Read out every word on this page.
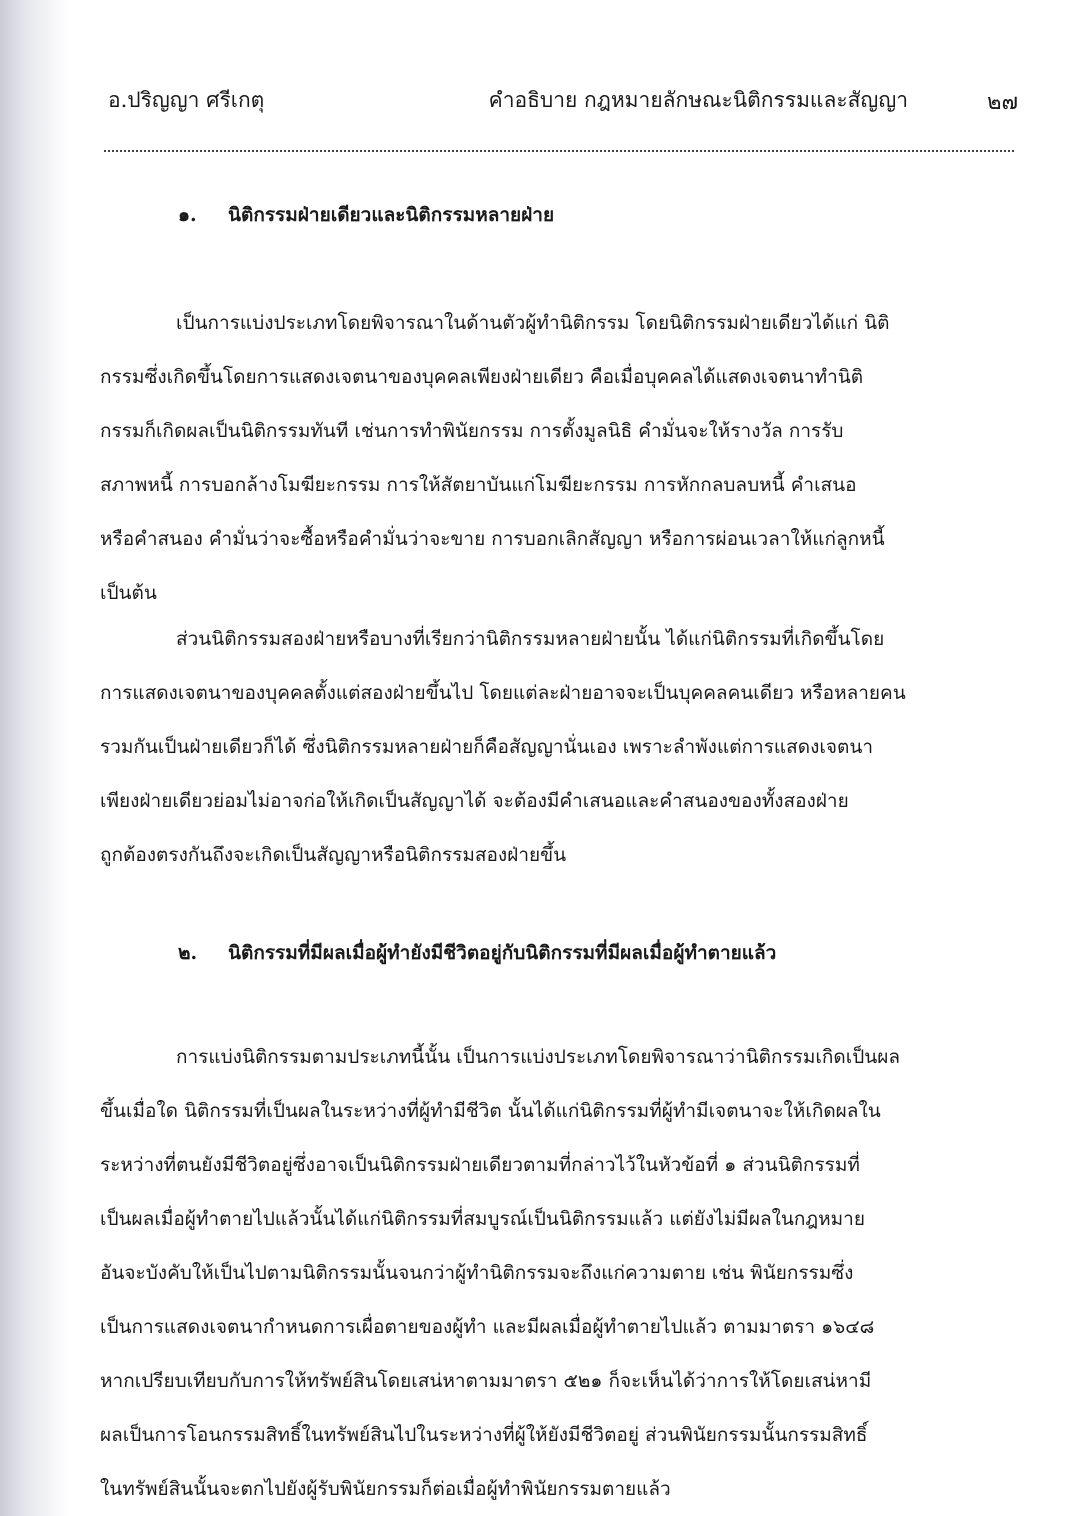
อ.ปริญญา ศรีเกตุ	คำอธิบาย กฎหมายลักษณะนิติกรรมและสัญญา	๒๗
๑. นิติกรรมฝ่ายเดียวและนิติกรรมหลายฝ่าย
เป็นการแบ่งประเภทโดยพิจารณาในด้านตัวผู้ทำนิติกรรม โดยนิติกรรมฝ่ายเดียวได้แก่ นิติ
กรรมซึ่งเกิดขึ้นโดยการแสดงเจตนาของบุคคลเพียงฝ่ายเดียว คือเมื่อบุคคลได้แสดงเจตนาทำนิติ
กรรมก็เกิดผลเป็นนิติกรรมทันที เช่นการทำพินัยกรรม การตั้งมูลนิธิ คำมั่นจะให้รางวัล การรับ
สภาพหนี้ การบอกล้างโมฆียะกรรม การให้สัตยาบันแก่โมฆียะกรรม การหักกลบลบหนี้ คำเสนอ
หรือคำสนอง คำมั่นว่าจะซื้อหรือคำมั่นว่าจะขาย การบอกเลิกสัญญา หรือการผ่อนเวลาให้แก่ลูกหนี้
เป็นต้น
ส่วนนิติกรรมสองฝ่ายหรือบางที่เรียกว่านิติกรรมหลายฝ่ายนั้น ได้แก่นิติกรรมที่เกิดขึ้นโดย
การแสดงเจตนาของบุคคลตั้งแต่สองฝ่ายขึ้นไป โดยแต่ละฝ่ายอาจจะเป็นบุคคลคนเดียว หรือหลายคน
รวมกันเป็นฝ่ายเดียวก็ได้ ซึ่งนิติกรรมหลายฝ่ายก็คือสัญญานั่นเอง เพราะลำพังแต่การแสดงเจตนา
เพียงฝ่ายเดียวย่อมไม่อาจก่อให้เกิดเป็นสัญญาได้ จะต้องมีคำเสนอและคำสนองของทั้งสองฝ่าย
ถูกต้องตรงกันถึงจะเกิดเป็นสัญญาหรือนิติกรรมสองฝ่ายขึ้น
๒. นิติกรรมที่มีผลเมื่อผู้ทำยังมีชีวิตอยู่กับนิติกรรมที่มีผลเมื่อผู้ทำตายแล้ว
การแบ่งนิติกรรมตามประเภทนี้นั้น เป็นการแบ่งประเภทโดยพิจารณาว่านิติกรรมเกิดเป็นผล
ขึ้นเมื่อใด นิติกรรมที่เป็นผลในระหว่างที่ผู้ทำมีชีวิต นั้นได้แก่นิติกรรมที่ผู้ทำมีเจตนาจะให้เกิดผลใน
ระหว่างที่ตนยังมีชีวิตอยู่ซึ่งอาจเป็นนิติกรรมฝ่ายเดียวตามที่กล่าวไว้ในหัวข้อที่ ๑ ส่วนนิติกรรมที่
เป็นผลเมื่อผู้ทำตายไปแล้วนั้นได้แก่นิติกรรมที่สมบูรณ์เป็นนิติกรรมแล้ว แต่ยังไม่มีผลในกฎหมาย
อันจะบังคับให้เป็นไปตามนิติกรรมนั้นจนกว่าผู้ทำนิติกรรมจะถึงแก่ความตาย เช่น พินัยกรรมซึ่ง
เป็นการแสดงเจตนากำหนดการเผื่อตายของผู้ทำ และมีผลเมื่อผู้ทำตายไปแล้ว ตามมาตรา ๑๖๔๘
หากเปรียบเทียบกับการให้ทรัพย์สินโดยเสน่หาตามมาตรา ๕๒๑ ก็จะเห็นได้ว่าการให้โดยเสน่หามี
ผลเป็นการโอนกรรมสิทธิ์ในทรัพย์สินไปในระหว่างที่ผู้ให้ยังมีชีวิตอยู่ ส่วนพินัยกรรมนั้นกรรมสิทธิ์
ในทรัพย์สินนั้นจะตกไปยังผู้รับพินัยกรรมก็ต่อเมื่อผู้ทำพินัยกรรมตายแล้ว
